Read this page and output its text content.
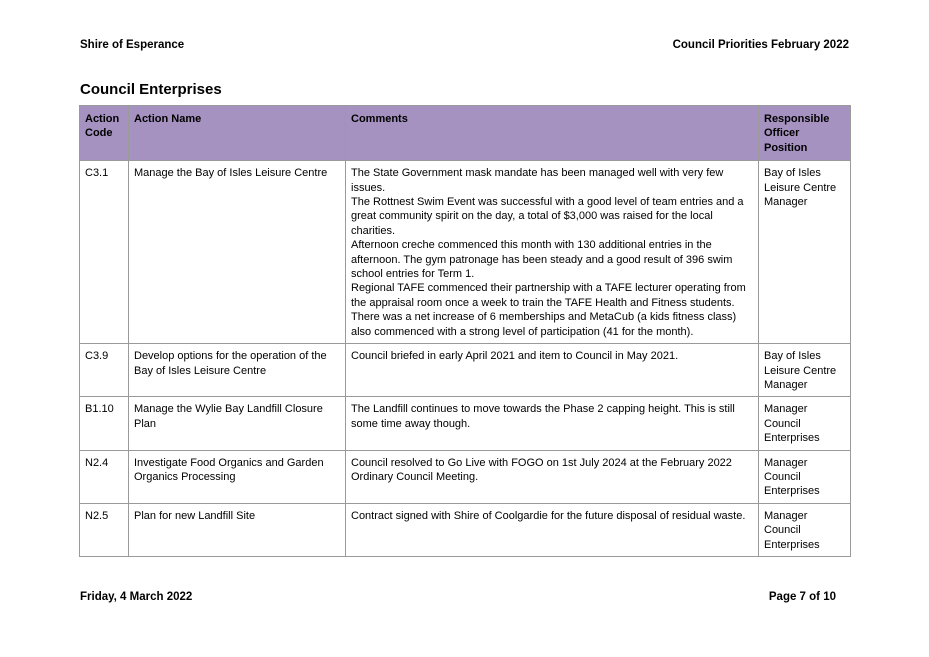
Shire of Esperance	Council Priorities February 2022
Council Enterprises
Action Code	Action Name	Comments	Responsible Officer Position
C3.1	Manage the Bay of Isles Leisure Centre	The State Government mask mandate has been managed well with very few issues.

The Rottnest Swim Event was successful with a good level of team entries and a great community spirit on the day, a total of $3,000 was raised for the local charities.

Afternoon creche commenced this month with 130 additional entries in the afternoon. The gym patronage has been steady and a good result of 396 swim school entries for Term 1.

Regional TAFE commenced their partnership with a TAFE lecturer operating from the appraisal room once a week to train the TAFE Health and Fitness students.

There was a net increase of 6 memberships and MetaCub (a kids fitness class) also commenced with a strong level of participation (41 for the month).	Bay of Isles Leisure Centre Manager
C3.9	Develop options for the operation of the Bay of Isles Leisure Centre	Council briefed in early April 2021 and item to Council in May 2021.	Bay of Isles Leisure Centre Manager
B1.10	Manage the Wylie Bay Landfill Closure Plan	The Landfill continues to move towards the Phase 2 capping height. This is still some time away though.	Manager Council Enterprises
N2.4	Investigate Food Organics and Garden Organics Processing	Council resolved to Go Live with FOGO on 1st July 2024 at the February 2022 Ordinary Council Meeting.	Manager Council Enterprises
N2.5	Plan for new Landfill Site	Contract signed with Shire of Coolgardie for the future disposal of residual waste.	Manager Council Enterprises
Friday, 4 March 2022	Page 7 of 10
